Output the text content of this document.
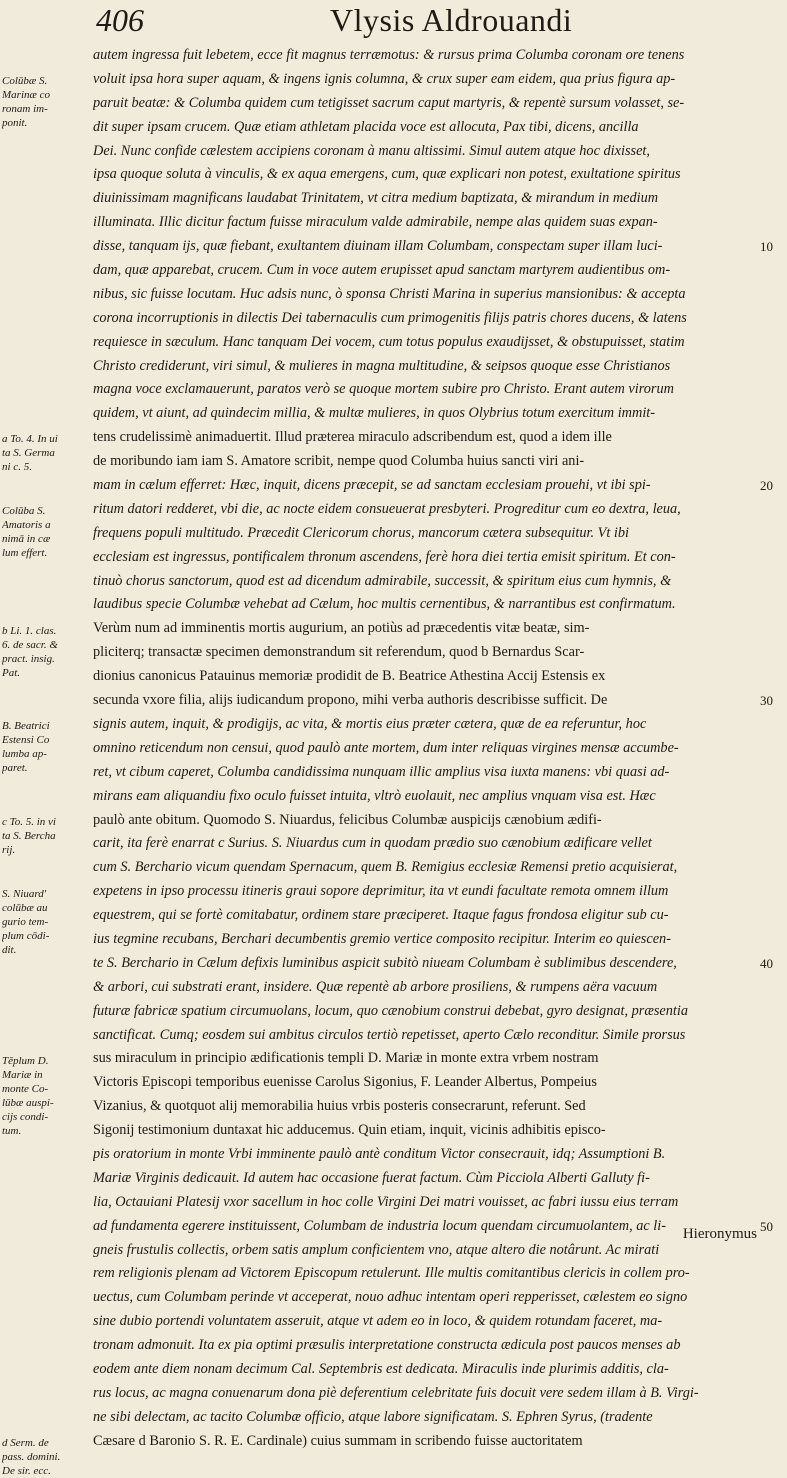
406	Vlysis Aldrouandi

autem ingressa fuit lebetem, ecce fit magnus terræmotus: & rursus prima Columba coronam ore tenens

voluit ipsa hora super aquam, & ingens ignis columna, & crux super eam eidem, qua prius figura ap-

paruit beatæ: & Columba quidem cum tetigisset sacrum caput martyris, & repentè sursum volasset, se-

dit super ipsam crucem. Quæ etiam athletam placida voce est allocuta, Pax tibi, dicens, ancilla

Dei. Nunc confide cælestem accipiens coronam à manu altissimi. Simul autem atque hoc dixisset,

ipsa quoque soluta à vinculis, & ex aqua emergens, cum, quæ explicari non potest, exultatione spiritus

diuinissimam magnificans laudabat Trinitatem, vt citra medium baptizata, & mirandum in medium

illuminata. Illic dicitur factum fuisse miraculum valde admirabile, nempe alas quidem suas expan-

disse, tanquam ijs, quæ fiebant, exultantem diuinam illam Columbam, conspectam super illam luci-

dam, quæ apparebat, crucem. Cum in voce autem erupisset apud sanctam martyrem audientibus om-

nibus, sic fuisse locutam. Huc adsis nunc, ò sponsa Christi Marina in superius mansionibus: & accepta

corona incorruptionis in dilectis Dei tabernaculis cum primogenitis filijs patris chores ducens, & latens

requiesce in sæculum. Hanc tanquam Dei vocem, cum totus populus exaudijsset, & obstupuisset, statim

Christo crediderunt, viri simul, & mulieres in magna multitudine, & seipsos quoque esse Christianos

magna voce exclamauerunt, paratos verò se quoque mortem subire pro Christo. Erant autem virorum

quidem, vt aiunt, ad quindecim millia, & multæ mulieres, in quos Olybrius totum exercitum immit-

tens crudelissimè animaduertit. Illud præterea miraculo adscribendum est, quod a idem ille

de moribundo iam iam S. Amatore scribit, nempe quod Columba huius sancti viri ani-

mam in cælum efferret: Hæc, inquit, dicens præcepit, se ad sanctam ecclesiam prouehi, vt ibi spi-

ritum datori redderet, vbi die, ac nocte eidem consueuerat presbyteri. Progreditur cum eo dextra, leua,

frequens populi multitudo. Præcedit Clericorum chorus, mancorum cætera subsequitur. Vt ibi

ecclesiam est ingressus, pontificalem thronum ascendens, ferè hora diei tertia emisit spiritum. Et con-

tinuò chorus sanctorum, quod est ad dicendum admirabile, successit, & spiritum eius cum hymnis, &

laudibus specie Columbæ vehebat ad Cælum, hoc multis cernentibus, & narrantibus est confirmatum.

Verùm num ad imminentis mortis augurium, an potiùs ad præcedentis vitæ beatæ, sim-

pliciterq; transactæ specimen demonstrandum sit referendum, quod b Bernardus Scar-

dionius canonicus Patauinus memoriæ prodidit de B. Beatrice Athestina Accij Estensis ex

secunda vxore filia, alijs iudicandum propono, mihi verba authoris describisse sufficit. De

signis autem, inquit, & prodigijs, ac vita, & mortis eius præter cætera, quæ de ea referuntur, hoc

omnino reticendum non censui, quod paulò ante mortem, dum inter reliquas virgines mensæ accumbe-

ret, vt cibum caperet, Columba candidissima nunquam illic amplius visa iuxta manens: vbi quasi ad-

mirans eam aliquandiu fixo oculo fuisset intuita, vltrò euolauit, nec amplius vnquam visa est. Hæc

paulò ante obitum. Quomodo S. Niuardus, felicibus Columbæ auspicijs cænobium ædifi-

carit, ita ferè enarrat c Surius. S. Niuardus cum in quodam prædio suo cænobium ædificare vellet

cum S. Berchario vicum quendam Spernacum, quem B. Remigius ecclesiæ Remensi pretio acquisierat,

expetens in ipso processu itineris graui sopore deprimitur, ita vt eundi facultate remota omnem illum

equestrem, qui se fortè comitabatur, ordinem stare præciperet. Itaque fagus frondosa eligitur sub cu-

ius tegmine recubans, Berchari decumbentis gremio vertice composito recipitur. Interim eo quiescen-

te S. Berchario in Cælum defixis luminibus aspicit subitò niueam Columbam è sublimibus descendere,

& arbori, cui substrati erant, insidere. Quæ repentè ab arbore prosiliens, & rumpens aëra vacuum

futuræ fabricæ spatium circumuolans, locum, quo cænobium construi debebat, gyro designat, præsentia

sanctificat. Cumq; eosdem sui ambitus circulos tertiò repetisset, aperto Cælo reconditur. Simile prorsus

sus miraculum in principio ædificationis templi D. Mariæ in monte extra vrbem nostram

Victoris Episcopi temporibus euenisse Carolus Sigonius, F. Leander Albertus, Pompeius

Vizanius, & quotquot alij memorabilia huius vrbis posteris consecrarunt, referunt. Sed

Sigonij testimonium duntaxat hic adducemus. Quin etiam, inquit, vicinis adhibitis episco-

pis oratorium in monte Vrbi imminente paulò antè conditum Victor consecrauit, idq; Assumptioni B.

Mariæ Virginis dedicauit. Id autem hac occasione fuerat factum. Cùm Picciola Alberti Galluty fi-

lia, Octauiani Platesij vxor sacellum in hoc colle Virgini Dei matri vouisset, ac fabri iussu eius terram

ad fundamenta egerere instituissent, Columbam de industria locum quendam circumuolantem, ac li-

gneis frustulis collectis, orbem satis amplum conficientem vno, atque altero die notârunt. Ac mirati

rem religionis plenam ad Victorem Episcopum retulerunt. Ille multis comitantibus clericis in collem pro-

uectus, cum Columbam perinde vt acceperat, nouo adhuc intentam operi repperisset, cælestem eo signo

sine dubio portendi voluntatem asseruit, atque vt adem eo in loco, & quidem rotundam faceret, ma-

tronam admonuit. Ita ex pia optimi præsulis interpretatione constructa ædicula post paucos menses ab

eodem ante diem nonam decimum Cal. Septembris est dedicata. Miraculis inde plurimis additis, cla-

rus locus, ac magna conuenarum dona piè deferentium celebritate fuis docuit vere sedem illam à B. Virgi-

ne sibi delectam, ac tacito Columbæ officio, atque labore significatam. S. Ephren Syrus, (tradente

Cæsare d Baronio S. R. E. Cardinale) cuius summam in scribendo fuisse auctoritatem

Colūbæ S.
Marinæ co
ronam im-
ponit.
a To. 4. In ui
ta S. Germa
ni c. 5.
Colūba S.
Amatoris a
nimā in cæ
lum effert.
b Li. 1. clas.
6. de sacr. &
pract. insig.
Pat.
B. Beatrici
Estensi Co
lumba ap-
paret.
c To. 5. in vi
ta S. Bercha
rij.
S. Niuard'
colūbæ au
gurio tem-
plum cōdi-
dit.
Tēplum D.
Mariæ in
monte Co-
lūbæ auspi-
cijs condi-
tum.
d Serm. de
pass. domini.
De sir. ecc.
10
20
30
40
50
Hieronymus
